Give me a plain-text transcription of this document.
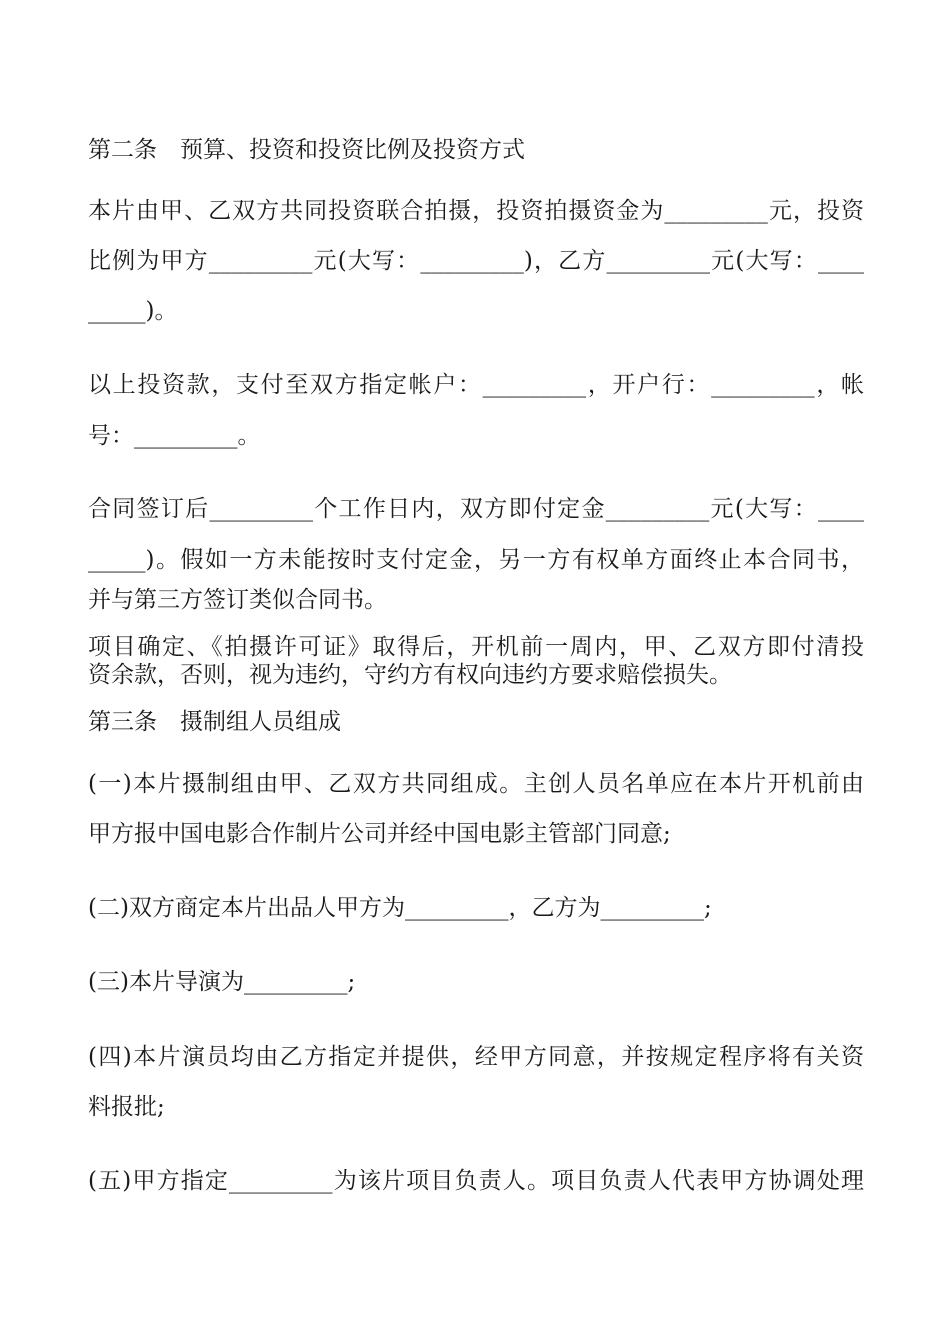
第二条　预算、投资和投资比例及投资方式
本片由甲、乙双方共同投资联合拍摄，投资拍摄资金为_________元，投资
比例为甲方_________元(大写：_________)，乙方_________元(大写：____
_____)。
以上投资款，支付至双方指定帐户：_________，开户行：_________，帐
号：_________。
合同签订后_________个工作日内，双方即付定金_________元(大写：____
_____)。假如一方未能按时支付定金，另一方有权单方面终止本合同书，
并与第三方签订类似合同书。
项目确定、《拍摄许可证》取得后，开机前一周内，甲、乙双方即付清投
资余款，否则，视为违约，守约方有权向违约方要求赔偿损失。
第三条　摄制组人员组成
(一)本片摄制组由甲、乙双方共同组成。主创人员名单应在本片开机前由
甲方报中国电影合作制片公司并经中国电影主管部门同意;
(二)双方商定本片出品人甲方为_________，乙方为_________;
(三)本片导演为_________;
(四)本片演员均由乙方指定并提供，经甲方同意，并按规定程序将有关资
料报批;
(五)甲方指定_________为该片项目负责人。项目负责人代表甲方协调处理
